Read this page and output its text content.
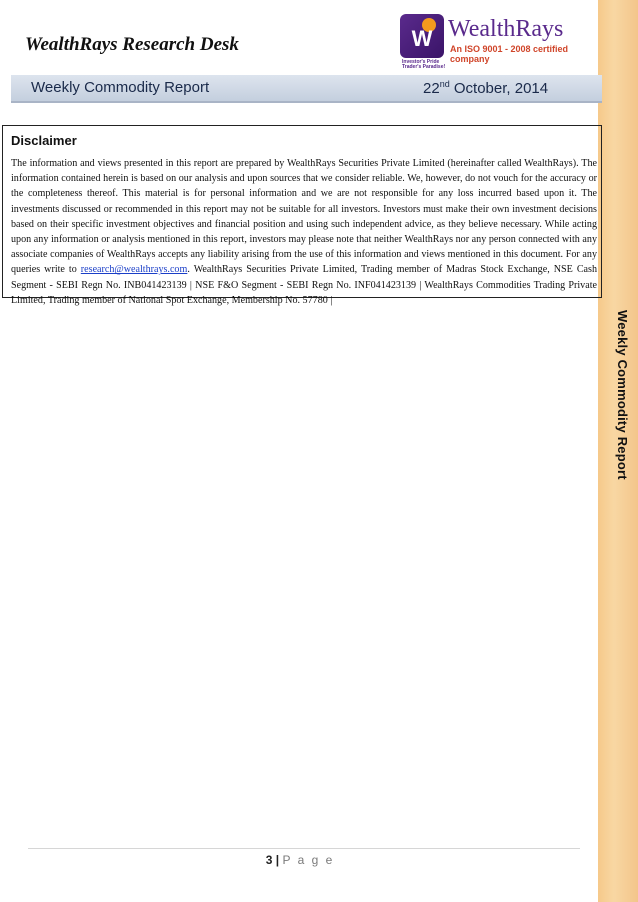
Weekly Commodity Report
WealthRays Research Desk	W WealthRays
An ISO 9001 - 2008 certified company
Investor's Pride
Trader's Paradise!
Weekly Commodity Report	22nd October, 2014
Disclaimer
The information and views presented in this report are prepared by WealthRays Securities Private Limited (hereinafter called WealthRays). The information contained herein is based on our analysis and upon sources that we consider reliable. We, however, do not vouch for the accuracy or the completeness thereof. This material is for personal information and we are not responsible for any loss incurred based upon it. The investments discussed or recommended in this report may not be suitable for all investors. Investors must make their own investment decisions based on their specific investment objectives and financial position and using such independent advice, as they believe necessary. While acting upon any information or analysis mentioned in this report, investors may please note that neither WealthRays nor any person connected with any associate companies of WealthRays accepts any liability arising from the use of this information and views mentioned in this document. For any queries write to research@wealthrays.com. WealthRays Securities Private Limited, Trading member of Madras Stock Exchange, NSE Cash Segment - SEBI Regn No. INB041423139 | NSE F&O Segment - SEBI Regn No. INF041423139 | WealthRays Commodities Trading Private Limited, Trading member of National Spot Exchange, Membership No. 57780 |
3 | P a g e
